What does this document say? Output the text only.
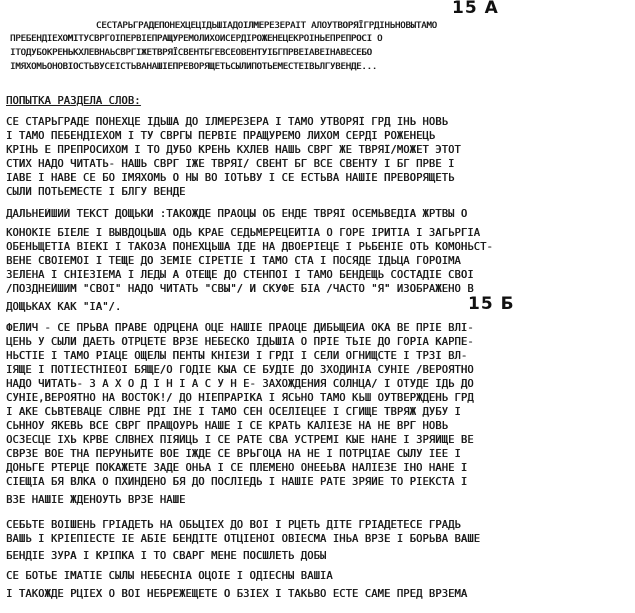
15 A
15 Б
СЕСТАРЬГРАДЕПОНЕХЦЕЦІДЬШІАДОІЛМЕРЕЗЕРАІТ АЛОУТВОРЯЇГРДІНЬНОВЫТАМО
ПРЕБЕНДІЕХОМІТУСВРГОІПЕРВІЕПРАЩУРЕМОЛИХОИСЕРДІРОЖЕНЕЦЕКРОІНЬЕПРЕПРОСІ О
ІТОДУБОКРЕНЬКХЛЕВНАЬСВРГІЖЕТВРЯЇСВЕНТБГЕВСЕОВЕНТУІБГПРВЕІАВЕІНАВЕСЕБО
ІМЯХОМЬОНОВІОСТЬВУСЕІСТЬВАНАШІЕПРЕВОРЯЩЕТЬСЫЛИПОТЬЕМЕСТЕІВЬЛГУВЕНДЕ...
ПОПЫТКА РАЗДЕЛА СЛОВ:
СЕ СТАРЬГРАДЕ ПОНЕХЦЕ ІДЬША ДО ІЛМЕРЕЗЕРА І ТАМО УТВОРЯЇ ГРД ІНЬ НОВЬ
І ТАМО ПЕБЕНДІЕХОМ І ТУ СВРГЫ ПЕРВІЕ ПРАЩУРЕМО ЛИХОМ СЕРДІ РОЖЕНЕЦЬ
КРІНЬ Е ПРЕПРОСИХОМ І ТО ДУБО КРЕНЬ КХЛЕВ НАШЬ СВРГ ЖЕ ТВРЯЇ/МОЖЕТ ЭТОТ
СТИХ НАДО ЧИТАТЬ- НАШЬ СВРГ ІЖЕ ТВРЯЇ/ СВЕНТ БГ ВСЕ СВЕНТУ І БГ ПРВЕ І
ІАВЕ І НАВЕ СЕ БО ІМЯХОМЬ О НЫ ВО ІОТЬВУ І СЕ ЕСТЬВА НАШІЕ ПРЕВОРЯЩЕТЬ
СЫЛИ ПОТЬЕМЕСТЕ І БЛГУ ВЕНДЕ
ДАЛЬНЕЙШИЙ ТЕКСТ ДОЩЬКИ :ТАКОЖДЕ ПРАОЦЫ ОБ ЕНДЕ ТВРЯЇ ОСЕМЬВЕДІА ЖРТВЫ О
КОНОКІЕ БІЕЛЕ І ВЫВДОЦЬША ОДЬ КРАЕ СЕДЬМЕРЕЦЕЙТІА О ГОРЕ ІРИТІА І ЗАГЬРГІА
ОБЕНЬЩЕТІА ВІЕКІ І ТАКОЗА ПОНЕХЦЬША ІДЕ НА ДВОЕРІЕЦЕ І РЬБЕНІЕ ОТЬ КОМОНЬСТ-
ВЕНЕ СВОІЕМОІ І ТЕЩЕ ДО ЗЕМІЕ СІРЕТІЕ І ТАМО СТА І ПОСЯДЕ ІДЬЦА ГОРОІМА
ЗЕЛЕНА І СНІЕЗІЕМА І ЛЕДЫ А ОТЕЩЕ ДО СТЕНПОІ І ТАМО БЕНДЕЩЬ СОСТАДІЕ СВОІ
/ПОЗДНЕЙШИМ "СВОІ" НАДО ЧИТАТЬ "СВЫ"/ И СКУФЕ БІА /ЧАСТО "Я" ИЗОБРАЖЕНО В
ДОЩЬКАХ КАК "ІА"/.
ФЕЛИЧ - СЕ ПРЬВА ПРАВЕ ОДРЦЕНА ОЦЕ НАШІЕ ПРАОЦЕ ДИБЬЩЕЙА ОКА ВЕ ПРІЕ ВЛІ-
ЦЕНЬ У СЫЛИ ДАЕТЬ ОТРЦЕТЕ ВРЗЕ НЕБЕСКО ІДЬШІА О ПРІЕ ТЬІЕ ДО ГОРІА КАРПЕ-
НЬСТІЕ І ТАМО РІАЦЕ ОЩЕЛЫ ПЕНТЫ КНІЕЗИ І ГРДІ І СЕЛИ ОГНИЩСТЕ І ТРЗІ ВЛ-
ІЯЩЕ І ПОТІЕСТНІЕОІ БЯЩЕ/О ГОДІЕ КЫА СЕ БУДІЕ ДО ЗХОДИНІА СУНІЕ /ВЕРОЯТНО
НАДО ЧИТАТЬ- З А Х О Д І Н І А С У Н Е- ЗАХОЖДЕНИЯ СОЛНЦА/ І ОТУДЕ ІДЬ ДО
СУНІЕ,ВЕРОЯТНО НА ВОСТОК!/ ДО НІЕПРАРІКА І ЯСЬНО ТАМО КЬШ ОУТВЕРЖДЕНЬ ГРД
І АКЕ СЬВТЕВАЦЕ СЛВНЕ РДІ ІНЕ І ТАМО СЕН ОСЕЛІЕЦЕЕ І СГИЩЕ ТВРЯЖ ДУБУ І
СЬННОУ ЯКЕВЬ ВСЕ СВРГ ПРАЩОУРЬ НАШЕ І СЕ КРАТЬ КАЛІЕЗЕ НА НЕ ВРГ НОВЬ
ОСЗЕСЦЕ ІХЬ КРВЕ СЛВНЕХ ПІЯЙЦЬ І СЕ РАТЕ СВА УСТРЕМІ КЫЕ НАНЕ І ЗРЯЙЩЕ ВЕ
СВРЗЕ ВОЕ ТНА ПЕРУНЬИТЕ ВОЕ ІЖДЕ СЕ ВРЬГОЦА НА НЕ І ПОТРЦІАЕ СЫЛУ ІЕЕ І
ДОНЬГЕ РТЕРЦЕ ПОКАЖЕТЕ ЗАДЕ ОНЬА І СЕ ПЛЕМЕНО ОНЕЕЬВА НАЛІЕЗЕ ІНО НАНЕ І
СІЕЩІА БЯ ВЛКА О ПХИНДЕНО БЯ ДО ПОСЛІЕДЬ І НАШІЕ РАТЕ ЗРЯЙЕ ТО РІЕКСТА І
ВЗЕ НАШІЕ ЖДЕНОУТЬ ВРЗЕ НАШЕ
СЕБЬТЕ ВОІШЕНЬ ГРІАДЕТЬ НА ОБЬЦІЕХ ДО ВОІ І РЦЕТЬ ДІТЕ ГРІАДЕТЕСЕ ГРАДЬ
ВАШЬ І КРІЕПІЕСТЕ ІЕ АБІЕ БЕНДІТЕ ОТЦІЕНОІ ОВІЕСМА ІНЬА ВРЗЕ І БОРЬВА ВАШЕ
БЕНДІЕ ЗУРА І КРІПКА І ТО СВАРГ МЕНЕ ПОСШЛЕТЬ ДОБЫ
СЕ БОТЬЕ ІМАТІЕ СЫЛЫ НЕБЕСНІА ОЦОІЕ І ОДІЕСНЫ ВАШІА
І ТАКОЖДЕ РЦІЕХ О ВОІ НЕБРЕЖЕЩЕТЕ О БЗІЕХ І ТАКЬВО ЕСТЕ САМЕ ПРЕД ВРЗЕМА
